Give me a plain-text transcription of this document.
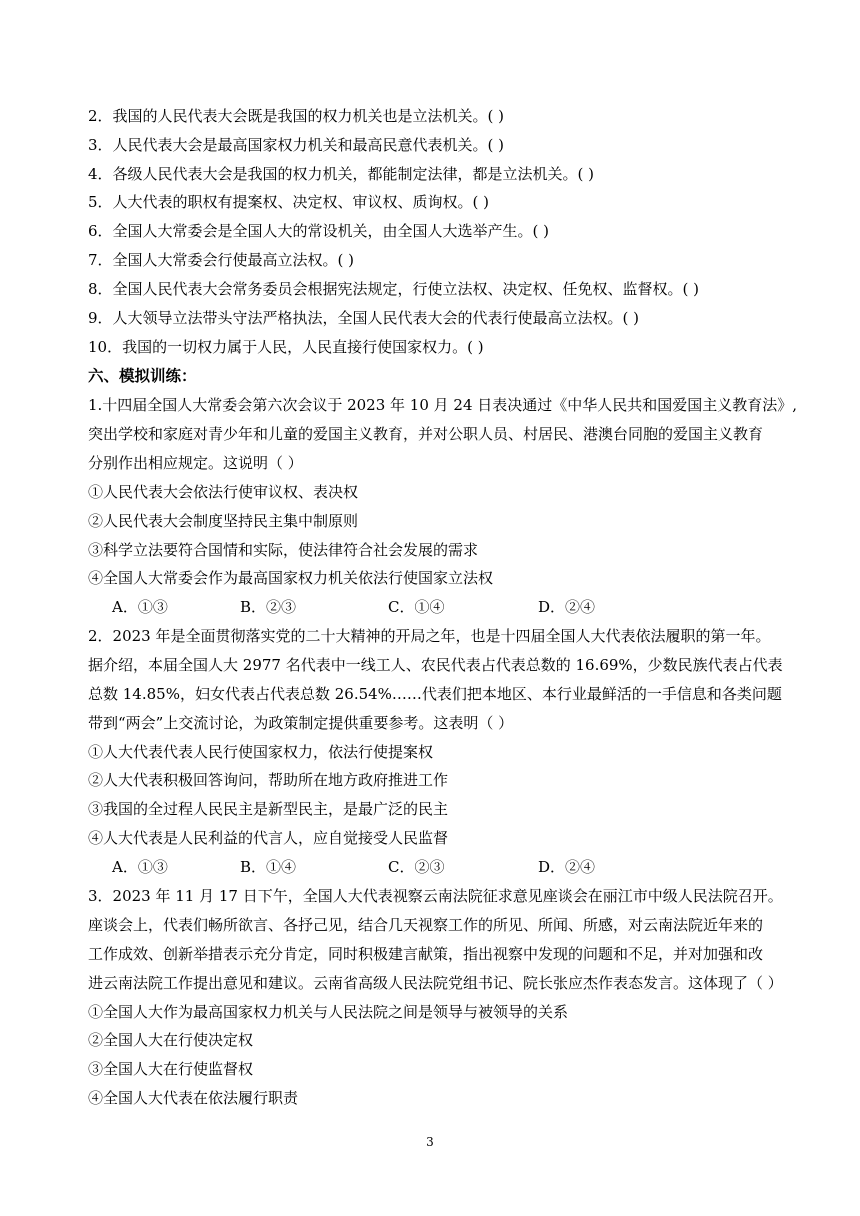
2．我国的人民代表大会既是我国的权力机关也是立法机关。( )
3．人民代表大会是最高国家权力机关和最高民意代表机关。( )
4．各级人民代表大会是我国的权力机关，都能制定法律，都是立法机关。( )
5．人大代表的职权有提案权、决定权、审议权、质询权。( )
6．全国人大常委会是全国人大的常设机关，由全国人大选举产生。( )
7．全国人大常委会行使最高立法权。( )
8．全国人民代表大会常务委员会根据宪法规定，行使立法权、决定权、任免权、监督权。( )
9．人大领导立法带头守法严格执法，全国人民代表大会的代表行使最高立法权。( )
10．我国的一切权力属于人民，人民直接行使国家权力。( )
六、模拟训练：
1.十四届全国人大常委会第六次会议于 2023 年 10 月 24 日表决通过《中华人民共和国爱国主义教育法》,
突出学校和家庭对青少年和儿童的爱国主义教育，并对公职人员、村居民、港澳台同胞的爱国主义教育
分别作出相应规定。这说明（ ）
①人民代表大会依法行使审议权、表决权
②人民代表大会制度坚持民主集中制原则
③科学立法要符合国情和实际，使法律符合社会发展的需求
④全国人大常委会作为最高国家权力机关依法行使国家立法权
A．①③	B．②③	C．①④	D．②④
2．2023 年是全面贯彻落实党的二十大精神的开局之年，也是十四届全国人大代表依法履职的第一年。
据介绍，本届全国人大 2977 名代表中一线工人、农民代表占代表总数的 16.69%，少数民族代表占代表
总数 14.85%，妇女代表占代表总数 26.54%……代表们把本地区、本行业最鲜活的一手信息和各类问题
带到“两会”上交流讨论，为政策制定提供重要参考。这表明（ ）
①人大代表代表人民行使国家权力，依法行使提案权
②人大代表积极回答询问，帮助所在地方政府推进工作
③我国的全过程人民民主是新型民主，是最广泛的民主
④人大代表是人民利益的代言人，应自觉接受人民监督
A．①③	B．①④	C．②③	D．②④
3．2023 年 11 月 17 日下午，全国人大代表视察云南法院征求意见座谈会在丽江市中级人民法院召开。
座谈会上，代表们畅所欲言、各抒己见，结合几天视察工作的所见、所闻、所感，对云南法院近年来的
工作成效、创新举措表示充分肯定，同时积极建言献策，指出视察中发现的问题和不足，并对加强和改
进云南法院工作提出意见和建议。云南省高级人民法院党组书记、院长张应杰作表态发言。这体现了（ ）
①全国人大作为最高国家权力机关与人民法院之间是领导与被领导的关系
②全国人大在行使决定权
③全国人大在行使监督权
④全国人大代表在依法履行职责
3
